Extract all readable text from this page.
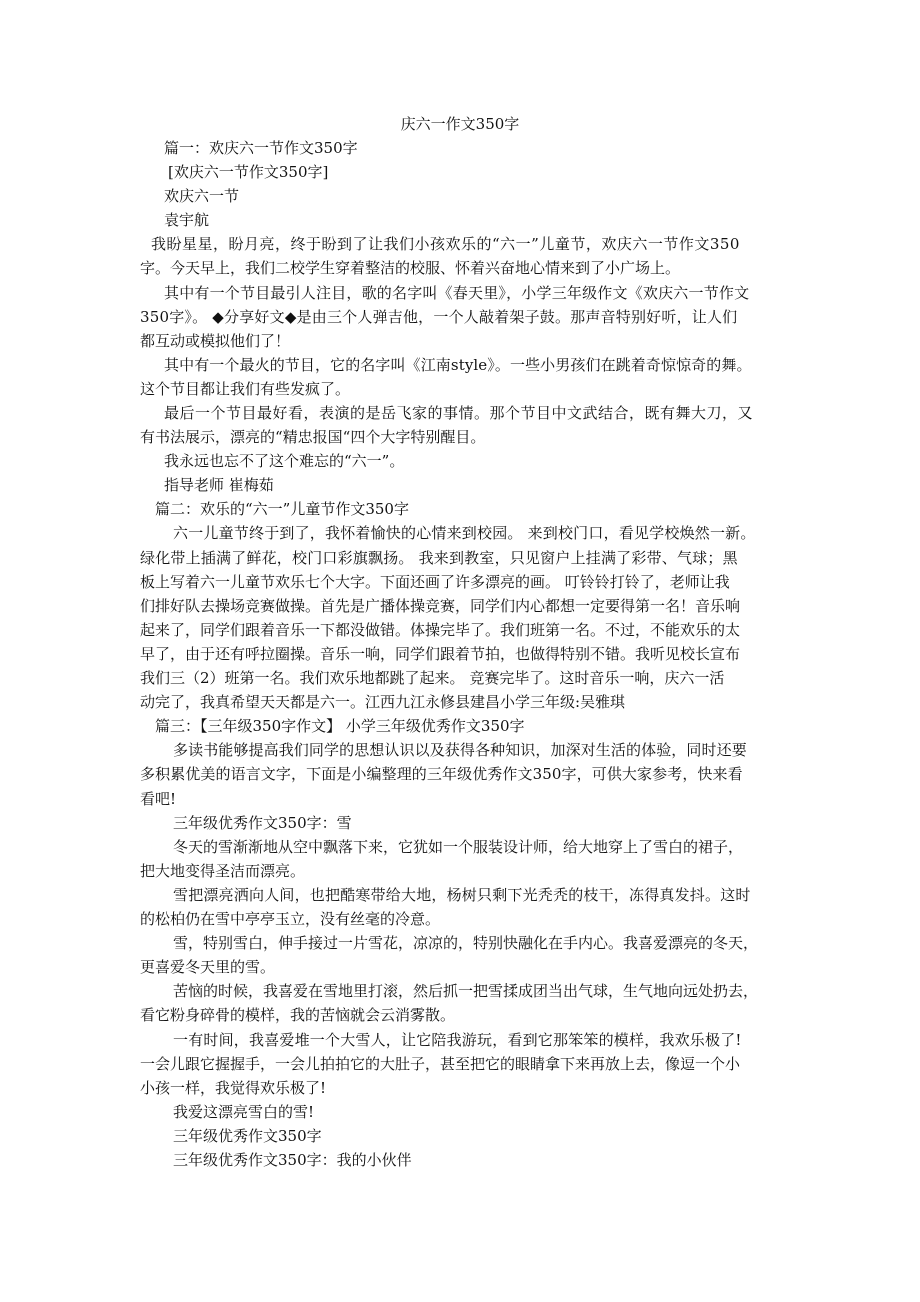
庆六一作文350字
篇一：欢庆六一节作文350字
[欢庆六一节作文350字]
欢庆六一节
袁宇航
我盼星星，盼月亮，终于盼到了让我们小孩欢乐的“六一”儿童节，欢庆六一节作文350
字。今天早上，我们二校学生穿着整洁的校服、怀着兴奋地心情来到了小广场上。
其中有一个节目最引人注目，歌的名字叫《春天里》，小学三年级作文《欢庆六一节作文
350字》。 ◆分享好文◆是由三个人弹吉他，一个人敲着架子鼓。那声音特别好听，让人们
都互动或模拟他们了！
其中有一个最火的节目，它的名字叫《江南style》。一些小男孩们在跳着奇惊惊奇的舞。
这个节目都让我们有些发疯了。
最后一个节目最好看，表演的是岳飞家的事情。那个节目中文武结合，既有舞大刀，又
有书法展示，漂亮的“精忠报国“四个大字特别醒目。
我永远也忘不了这个难忘的“六一”。
指导老师 崔梅茹
篇二：欢乐的“六一”儿童节作文350字
六一儿童节终于到了，我怀着愉快的心情来到校园。 来到校门口，看见学校焕然一新。
绿化带上插满了鲜花，校门口彩旗飘扬。 我来到教室，只见窗户上挂满了彩带、气球；黑
板上写着六一儿童节欢乐七个大字。下面还画了许多漂亮的画。 叮铃铃打铃了，老师让我
们排好队去操场竞赛做操。首先是广播体操竞赛，同学们内心都想一定要得第一名！音乐响
起来了，同学们跟着音乐一下都没做错。体操完毕了。我们班第一名。不过，不能欢乐的太
早了，由于还有呼拉圈操。音乐一响，同学们跟着节拍，也做得特别不错。我听见校长宣布
我们三（2）班第一名。我们欢乐地都跳了起来。 竞赛完毕了。这时音乐一响，庆六一活
动完了，我真希望天天都是六一。江西九江永修县建昌小学三年级:吴雅琪
篇三：【三年级350字作文】 小学三年级优秀作文350字
多读书能够提高我们同学的思想认识以及获得各种知识，加深对生活的体验，同时还要
多积累优美的语言文字，下面是小编整理的三年级优秀作文350字，可供大家参考，快来看
看吧!
三年级优秀作文350字：雪
冬天的雪渐渐地从空中飘落下来，它犹如一个服装设计师，给大地穿上了雪白的裙子，
把大地变得圣洁而漂亮。
雪把漂亮洒向人间，也把酷寒带给大地，杨树只剩下光秃秃的枝干，冻得真发抖。这时
的松柏仍在雪中亭亭玉立，没有丝毫的冷意。
雪，特别雪白，伸手接过一片雪花，凉凉的，特别快融化在手内心。我喜爱漂亮的冬天，
更喜爱冬天里的雪。
苦恼的时候，我喜爱在雪地里打滚，然后抓一把雪揉成团当出气球，生气地向远处扔去，
看它粉身碎骨的模样，我的苦恼就会云消雾散。
一有时间，我喜爱堆一个大雪人，让它陪我游玩，看到它那笨笨的模样，我欢乐极了!
一会儿跟它握握手，一会儿拍拍它的大肚子，甚至把它的眼睛拿下来再放上去，像逗一个小
小孩一样，我觉得欢乐极了!
我爱这漂亮雪白的雪!
三年级优秀作文350字
三年级优秀作文350字：我的小伙伴
